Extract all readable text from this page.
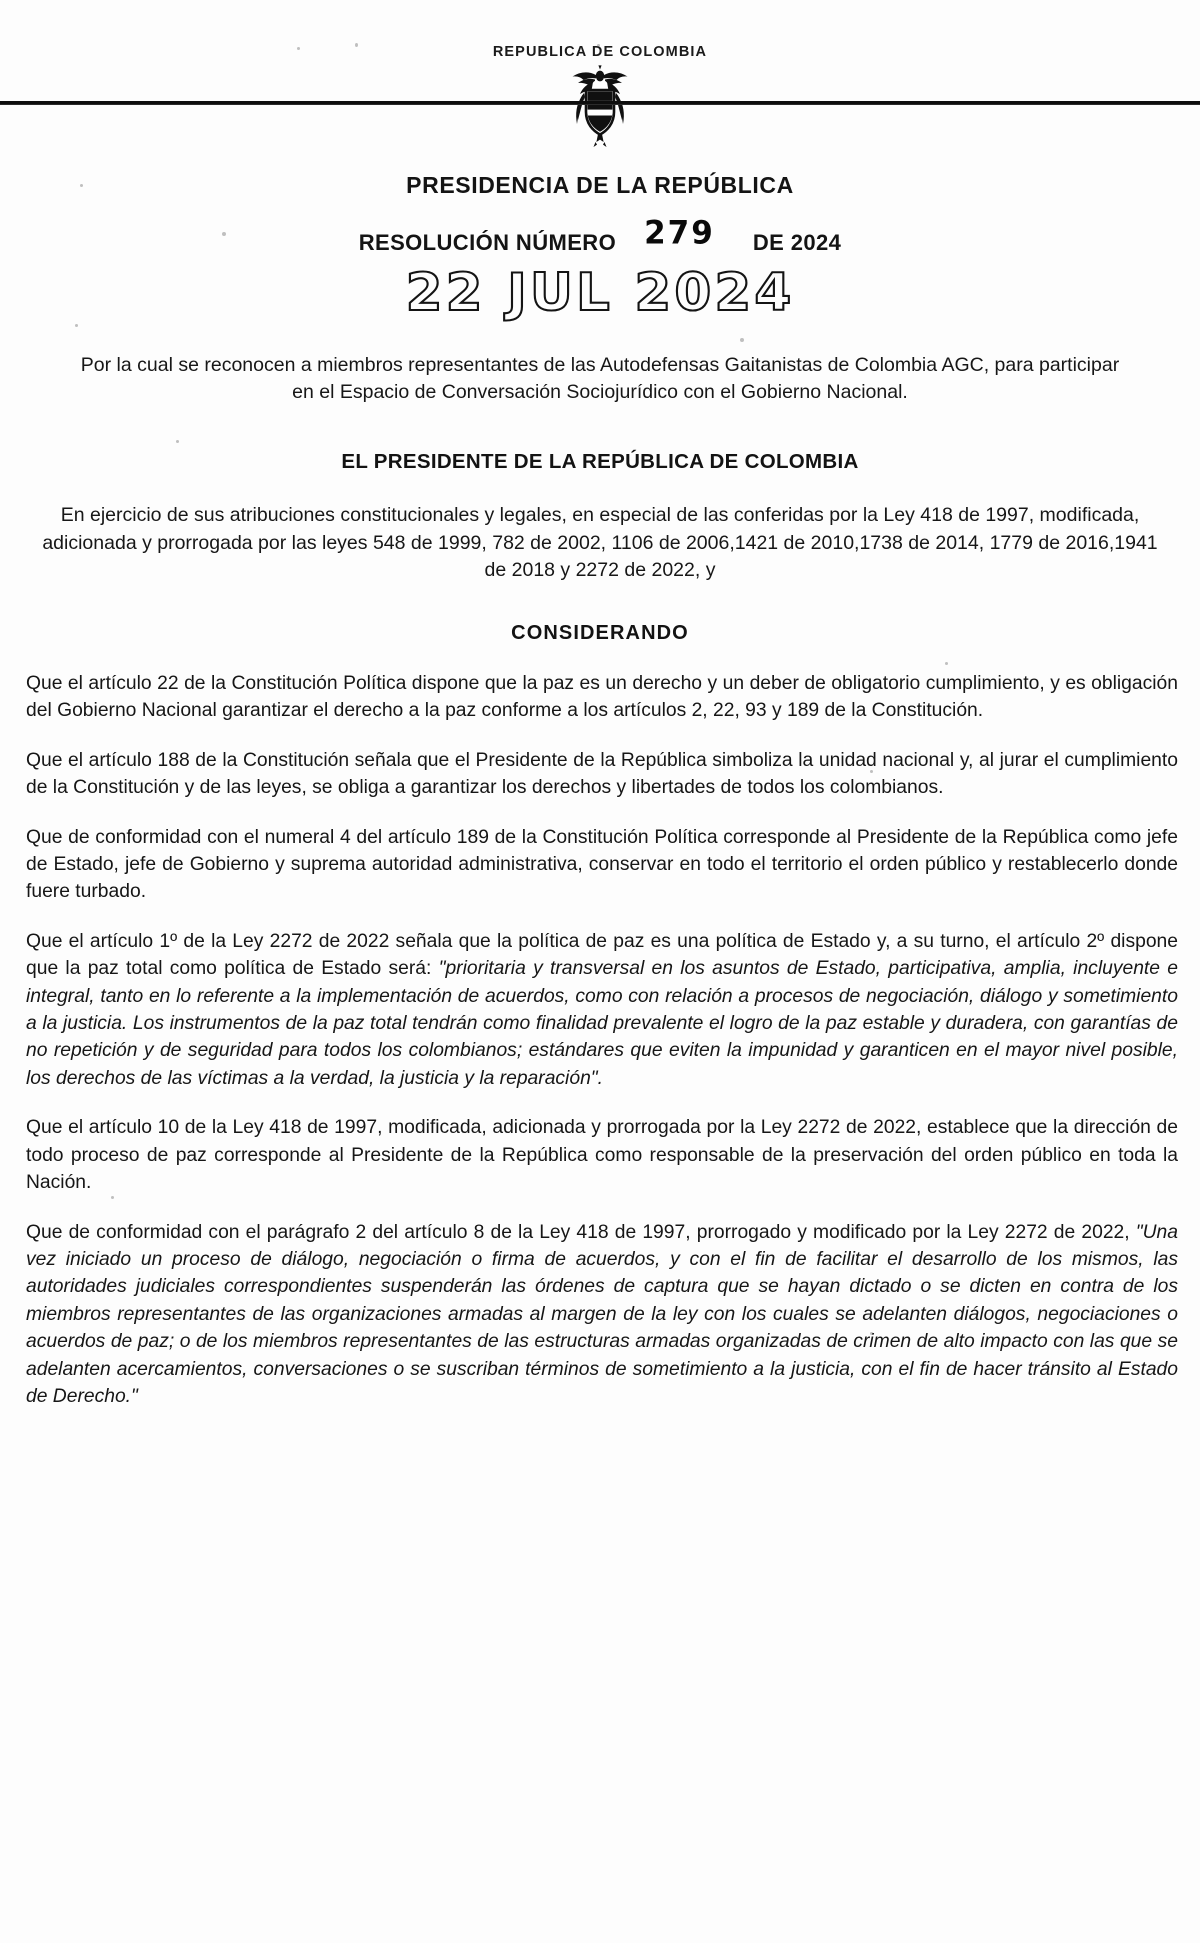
REPUBLICA DE COLOMBIA
PRESIDENCIA DE LA REPÚBLICA
RESOLUCIÓN NÚMERO 279 DE 2024
22 JUL 2024
Por la cual se reconocen a miembros representantes de las Autodefensas Gaitanistas de Colombia AGC, para participar en el Espacio de Conversación Sociojurídico con el Gobierno Nacional.
EL PRESIDENTE DE LA REPÚBLICA DE COLOMBIA
En ejercicio de sus atribuciones constitucionales y legales, en especial de las conferidas por la Ley 418 de 1997, modificada, adicionada y prorrogada por las leyes 548 de 1999, 782 de 2002, 1106 de 2006,1421 de 2010,1738 de 2014, 1779 de 2016,1941 de 2018 y 2272 de 2022, y
CONSIDERANDO

Que el artículo 22 de la Constitución Política dispone que la paz es un derecho y un deber de obligatorio cumplimiento, y es obligación del Gobierno Nacional garantizar el derecho a la paz conforme a los artículos 2, 22, 93 y 189 de la Constitución.

Que el artículo 188 de la Constitución señala que el Presidente de la República simboliza la unidad nacional y, al jurar el cumplimiento de la Constitución y de las leyes, se obliga a garantizar los derechos y libertades de todos los colombianos.

Que de conformidad con el numeral 4 del artículo 189 de la Constitución Política corresponde al Presidente de la República como jefe de Estado, jefe de Gobierno y suprema autoridad administrativa, conservar en todo el territorio el orden público y restablecerlo donde fuere turbado.

Que el artículo 1º de la Ley 2272 de 2022 señala que la política de paz es una política de Estado y, a su turno, el artículo 2º dispone que la paz total como política de Estado será: "prioritaria y transversal en los asuntos de Estado, participativa, amplia, incluyente e integral, tanto en lo referente a la implementación de acuerdos, como con relación a procesos de negociación, diálogo y sometimiento a la justicia. Los instrumentos de la paz total tendrán como finalidad prevalente el logro de la paz estable y duradera, con garantías de no repetición y de seguridad para todos los colombianos; estándares que eviten la impunidad y garanticen en el mayor nivel posible, los derechos de las víctimas a la verdad, la justicia y la reparación".

Que el artículo 10 de la Ley 418 de 1997, modificada, adicionada y prorrogada por la Ley 2272 de 2022, establece que la dirección de todo proceso de paz corresponde al Presidente de la República como responsable de la preservación del orden público en toda la Nación.

Que de conformidad con el parágrafo 2 del artículo 8 de la Ley 418 de 1997, prorrogado y modificado por la Ley 2272 de 2022, "Una vez iniciado un proceso de diálogo, negociación o firma de acuerdos, y con el fin de facilitar el desarrollo de los mismos, las autoridades judiciales correspondientes suspenderán las órdenes de captura que se hayan dictado o se dicten en contra de los miembros representantes de las organizaciones armadas al margen de la ley con los cuales se adelanten diálogos, negociaciones o acuerdos de paz; o de los miembros representantes de las estructuras armadas organizadas de crimen de alto impacto con las que se adelanten acercamientos, conversaciones o se suscriban términos de sometimiento a la justicia, con el fin de hacer tránsito al Estado de Derecho."
